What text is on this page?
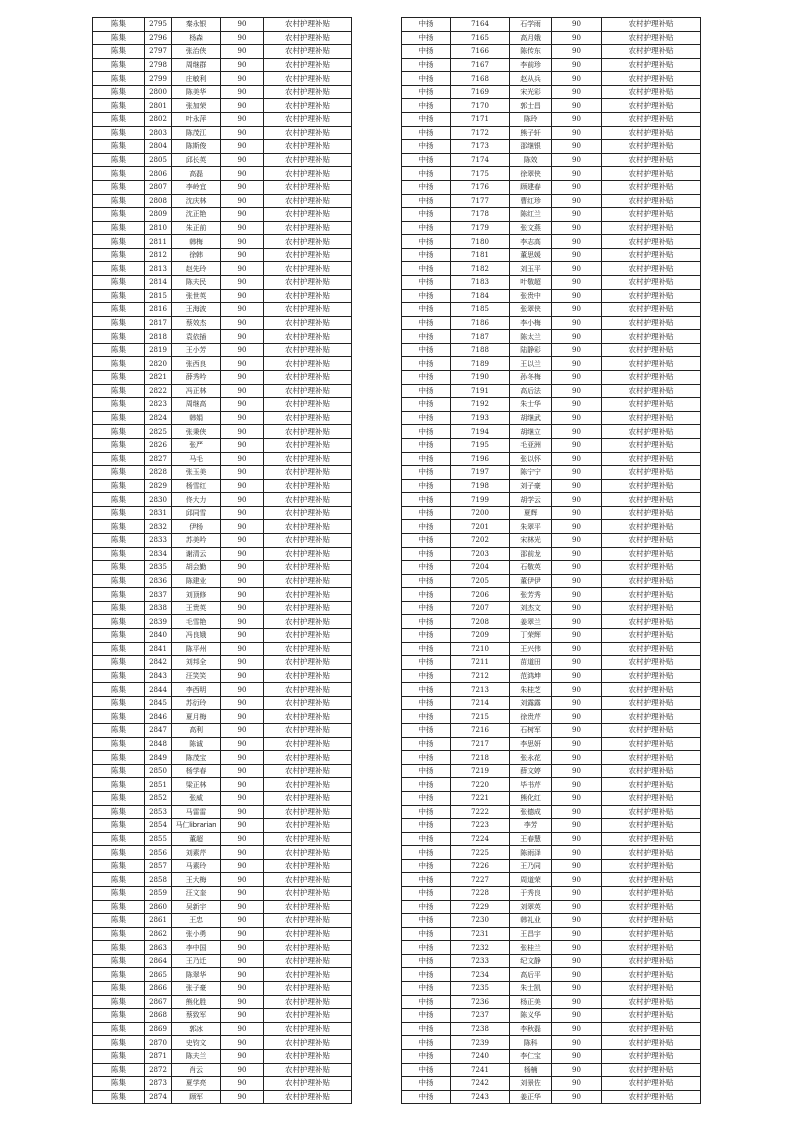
陈集	2795	秦永银	90	农村护理补贴
陈集	2796	杨森	90	农村护理补贴
陈集	2797	张治侠	90	农村护理补贴
陈集	2798	周继群	90	农村护理补贴
陈集	2799	庄敏利	90	农村护理补贴
陈集	2800	陈美华	90	农村护理补贴
陈集	2801	张加荣	90	农村护理补贴
陈集	2802	叶永萍	90	农村护理补贴
陈集	2803	陈茂江	90	农村护理补贴
陈集	2804	陈斯俊	90	农村护理补贴
陈集	2805	邱长英	90	农村护理补贴
陈集	2806	高磊	90	农村护理补贴
陈集	2807	李岭宜	90	农村护理补贴
陈集	2808	沈庆林	90	农村护理补贴
陈集	2809	沈正艳	90	农村护理补贴
陈集	2810	朱正前	90	农村护理补贴
陈集	2811	韩梅	90	农村护理补贴
陈集	2812	徐韩	90	农村护理补贴
陈集	2813	赵先玲	90	农村护理补贴
陈集	2814	陈夫民	90	农村护理补贴
陈集	2815	张世英	90	农村护理补贴
陈集	2816	王海波	90	农村护理补贴
陈集	2817	蔡效杰	90	农村护理补贴
陈集	2818	袁依插	90	农村护理补贴
陈集	2819	王小芳	90	农村护理补贴
陈集	2820	张西良	90	农村护理补贴
陈集	2821	薛秀吟	90	农村护理补贴
陈集	2822	冯正林	90	农村护理补贴
陈集	2823	周继高	90	农村护理补贴
陈集	2824	韩娟	90	农村护理补贴
陈集	2825	张秉侠	90	农村护理补贴
陈集	2826	张严	90	农村护理补贴
陈集	2827	马毛	90	农村护理补贴
陈集	2828	张玉美	90	农村护理补贴
陈集	2829	杨雪红	90	农村护理补贴
陈集	2830	佟大力	90	农村护理补贴
陈集	2831	邱同雪	90	农村护理补贴
陈集	2832	伊杨	90	农村护理补贴
陈集	2833	苏美吟	90	农村护理补贴
陈集	2834	谢清云	90	农村护理补贴
陈集	2835	胡会勤	90	农村护理补贴
陈集	2836	陈建业	90	农村护理补贴
陈集	2837	刘顶修	90	农村护理补贴
陈集	2838	王贵英	90	农村护理补贴
陈集	2839	毛雪艳	90	农村护理补贴
陈集	2840	冯良娥	90	农村护理补贴
陈集	2841	陈平州	90	农村护理补贴
陈集	2842	刘邦全	90	农村护理补贴
陈集	2843	汪笑笑	90	农村护理补贴
陈集	2844	李西明	90	农村护理补贴
陈集	2845	苏衍玲	90	农村护理补贴
陈集	2846	夏月梅	90	农村护理补贴
陈集	2847	高利	90	农村护理补贴
陈集	2848	陈诚	90	农村护理补贴
陈集	2849	陈茂宝	90	农村护理补贴
陈集	2850	杨学春	90	农村护理补贴
陈集	2851	梁正林	90	农村护理补贴
陈集	2852	张威	90	农村护理补贴
陈集	2853	马雷雷	90	农村护理补贴
陈集	2854	马仁librarian	90	农村护理补贴
陈集	2855	董超	90	农村护理补贴
陈集	2856	刘素芹	90	农村护理补贴
陈集	2857	马素玲	90	农村护理补贴
陈集	2858	王大梅	90	农村护理补贴
陈集	2859	汪文奎	90	农村护理补贴
陈集	2860	吴新宇	90	农村护理补贴
陈集	2861	王忠	90	农村护理补贴
陈集	2862	张小勇	90	农村护理补贴
陈集	2863	李中国	90	农村护理补贴
陈集	2864	王乃迁	90	农村护理补贴
陈集	2865	陈翠华	90	农村护理补贴
陈集	2866	张子豪	90	农村护理补贴
陈集	2867	熊化胜	90	农村护理补贴
陈集	2868	蔡致军	90	农村护理补贴
陈集	2869	郭冰	90	农村护理补贴
陈集	2870	史钧文	90	农村护理补贴
陈集	2871	陈夫兰	90	农村护理补贴
陈集	2872	肖云	90	农村护理补贴
陈集	2873	夏学亮	90	农村护理补贴
陈集	2874	顾军	90	农村护理补贴
中扬	7164	石学雨	90	农村护理补贴
中扬	7165	高月娥	90	农村护理补贴
中扬	7166	陈传东	90	农村护理补贴
中扬	7167	李前珍	90	农村护理补贴
中扬	7168	赵从兵	90	农村护理补贴
中扬	7169	宋光彩	90	农村护理补贴
中扬	7170	郭士昌	90	农村护理补贴
中扬	7171	陈玲	90	农村护理补贴
中扬	7172	熊子轩	90	农村护理补贴
中扬	7173	邵继银	90	农村护理补贴
中扬	7174	陈效	90	农村护理补贴
中扬	7175	徐翠侠	90	农村护理补贴
中扬	7176	顾建春	90	农村护理补贴
中扬	7177	曹红珍	90	农村护理补贴
中扬	7178	陈红兰	90	农村护理补贴
中扬	7179	张文燕	90	农村护理补贴
中扬	7180	李志高	90	农村护理补贴
中扬	7181	董思媛	90	农村护理补贴
中扬	7182	刘玉平	90	农村护理补贴
中扬	7183	叶敬超	90	农村护理补贴
中扬	7184	张贵中	90	农村护理补贴
中扬	7185	张翠侠	90	农村护理补贴
中扬	7186	李小梅	90	农村护理补贴
中扬	7187	陈太兰	90	农村护理补贴
中扬	7188	陆静彩	90	农村护理补贴
中扬	7189	王以兰	90	农村护理补贴
中扬	7190	孙冬梅	90	农村护理补贴
中扬	7191	高后法	90	农村护理补贴
中扬	7192	朱士华	90	农村护理补贴
中扬	7193	胡继武	90	农村护理补贴
中扬	7194	胡继立	90	农村护理补贴
中扬	7195	毛亚洲	90	农村护理补贴
中扬	7196	张以怀	90	农村护理补贴
中扬	7197	陈宁宁	90	农村护理补贴
中扬	7198	刘子豪	90	农村护理补贴
中扬	7199	胡学云	90	农村护理补贴
中扬	7200	夏辉	90	农村护理补贴
中扬	7201	朱翠平	90	农村护理补贴
中扬	7202	宋林光	90	农村护理补贴
中扬	7203	邵前龙	90	农村护理补贴
中扬	7204	石敬英	90	农村护理补贴
中扬	7205	董伊伊	90	农村护理补贴
中扬	7206	张芳秀	90	农村护理补贴
中扬	7207	刘杰文	90	农村护理补贴
中扬	7208	姜翠兰	90	农村护理补贴
中扬	7209	丁荣辉	90	农村护理补贴
中扬	7210	王兴伟	90	农村护理补贴
中扬	7211	苗道田	90	农村护理补贴
中扬	7212	范鸿坤	90	农村护理补贴
中扬	7213	朱桂芝	90	农村护理补贴
中扬	7214	刘露露	90	农村护理补贴
中扬	7215	徐贵芹	90	农村护理补贴
中扬	7216	石树军	90	农村护理补贴
中扬	7217	李思妍	90	农村护理补贴
中扬	7218	张永花	90	农村护理补贴
中扬	7219	薛文婷	90	农村护理补贴
中扬	7220	毕书芹	90	农村护理补贴
中扬	7221	熊化红	90	农村护理补贴
中扬	7222	张德成	90	农村护理补贴
中扬	7223	李芳	90	农村护理补贴
中扬	7224	王春慧	90	农村护理补贴
中扬	7225	陈雨泽	90	农村护理补贴
中扬	7226	王乃同	90	农村护理补贴
中扬	7227	周道荣	90	农村护理补贴
中扬	7228	于秀良	90	农村护理补贴
中扬	7229	刘翠英	90	农村护理补贴
中扬	7230	韩礼业	90	农村护理补贴
中扬	7231	王昌宇	90	农村护理补贴
中扬	7232	张桂兰	90	农村护理补贴
中扬	7233	纪文静	90	农村护理补贴
中扬	7234	高后平	90	农村护理补贴
中扬	7235	朱士凯	90	农村护理补贴
中扬	7236	杨正美	90	农村护理补贴
中扬	7237	陈义华	90	农村护理补贴
中扬	7238	李秋磊	90	农村护理补贴
中扬	7239	陈科	90	农村护理补贴
中扬	7240	李仁宝	90	农村护理补贴
中扬	7241	杨楠	90	农村护理补贴
中扬	7242	刘景佐	90	农村护理补贴
中扬	7243	姜正华	90	农村护理补贴
